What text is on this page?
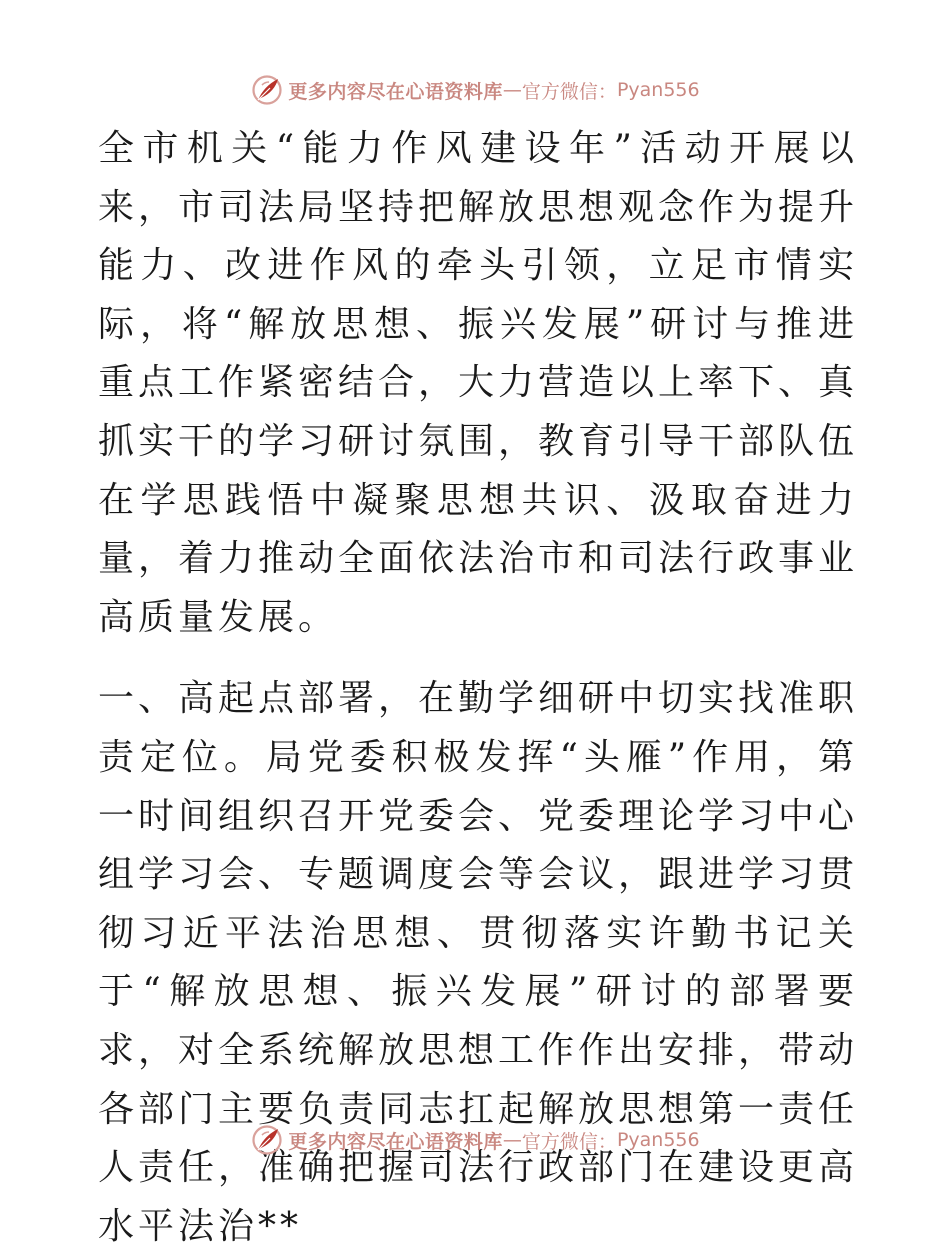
更多内容尽在心语资料库 — 官方微信： Pyan556

全市机关“能力作风建设年”活动开展以来，市司法局坚持把解放思想观念作为提升能力、改进作风的牵头引领，立足市情实际，将“解放思想、振兴发展”研讨与推进重点工作紧密结合，大力营造以上率下、真抓实干的学习研讨氛围，教育引导干部队伍在学思践悟中凝聚思想共识、汲取奋进力量，着力推动全面依法治市和司法行政事业高质量发展。

一、高起点部署，在勤学细研中切实找准职责定位。局党委积极发挥“头雁”作用，第一时间组织召开党委会、党委理论学习中心组学习会、专题调度会等会议，跟进学习贯彻习近平法治思想、贯彻落实许勤书记关于“解放思想、振兴发展”研讨的部署要求，对全系统解放思想工作作出安排，带动各部门主要负责同志扛起解放思想第一责任人责任，准确把握司法行政部门在建设更高水平法治**

更多内容尽在心语资料库 — 官方微信： Pyan556
